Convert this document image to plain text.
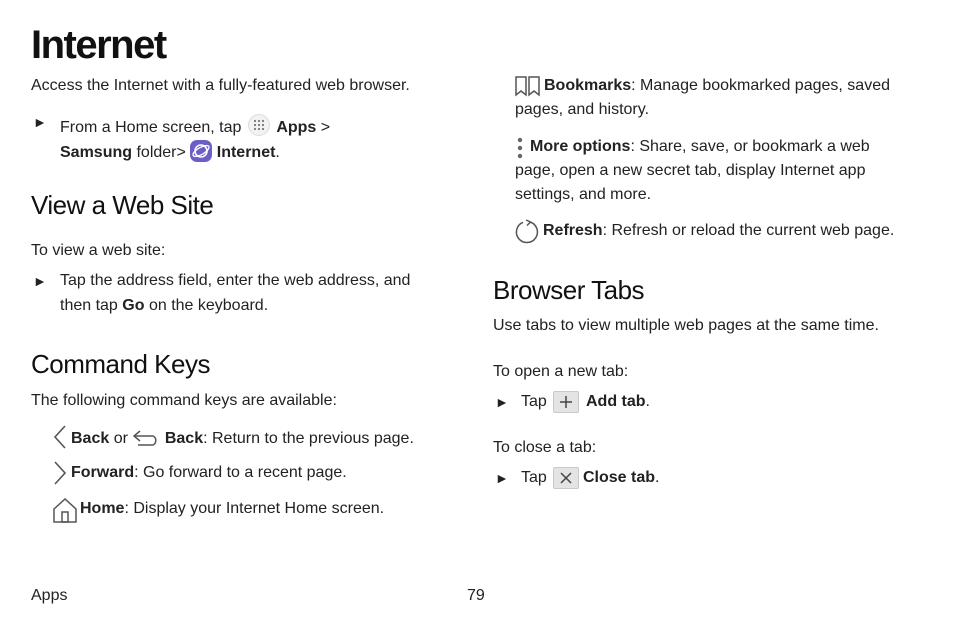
Internet
Access the Internet with a fully-featured web browser.
► From a Home screen, tap Apps >
Samsung folder> Internet.
View a Web Site
To view a web site:
► Tap the address field, enter the web address, and
then tap Go on the keyboard.
Command Keys
The following command keys are available:
Back or Back: Return to the previous page.
Forward: Go forward to a recent page.
Home: Display your Internet Home screen.
Bookmarks: Manage bookmarked pages, saved
pages, and history.
More options: Share, save, or bookmark a web
page, open a new secret tab, display Internet app
settings, and more.
Refresh: Refresh or reload the current web page.
Browser Tabs
Use tabs to view multiple web pages at the same time.
To open a new tab:
► Tap Add tab.
To close a tab:
► Tap Close tab.
Apps	79
